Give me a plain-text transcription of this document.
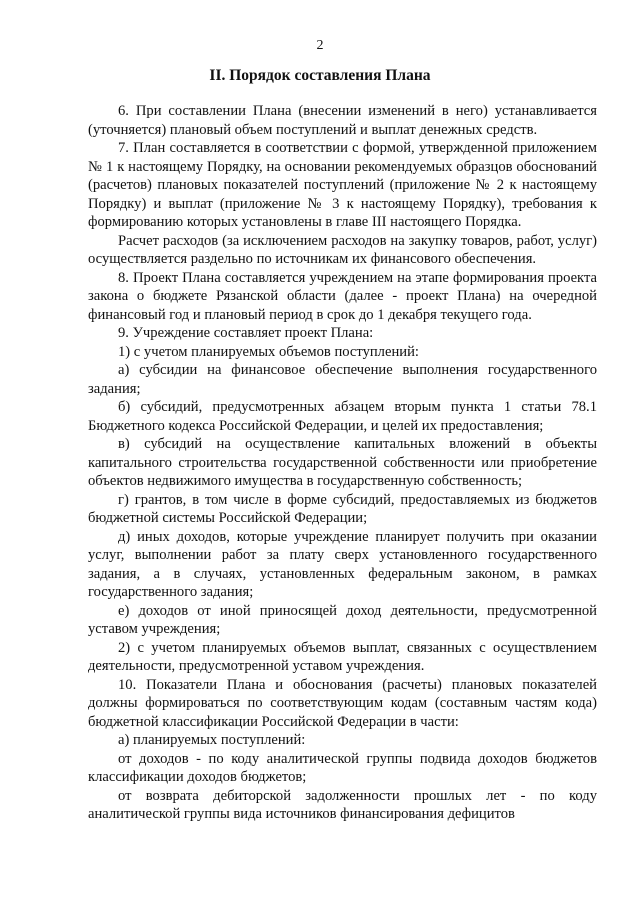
2
II. Порядок составления Плана

6. При составлении Плана (внесении изменений в него) устанавливается (уточняется) плановый объем поступлений и выплат денежных средств.

7. План составляется в соответствии с формой, утвержденной приложением № 1 к настоящему Порядку, на основании рекомендуемых образцов обоснований (расчетов) плановых показателей поступлений (приложение № 2 к настоящему Порядку) и выплат (приложение № 3 к настоящему Порядку), требования к формированию которых установлены в главе III настоящего Порядка.

Расчет расходов (за исключением расходов на закупку товаров, работ, услуг) осуществляется раздельно по источникам их финансового обеспечения.

8. Проект Плана составляется учреждением на этапе формирования проекта закона о бюджете Рязанской области (далее - проект Плана) на очередной финансовый год и плановый период в срок до 1 декабря текущего года.

9. Учреждение составляет проект Плана:

1) с учетом планируемых объемов поступлений:

а) субсидии на финансовое обеспечение выполнения государственного задания;

б) субсидий, предусмотренных абзацем вторым пункта 1 статьи 78.1 Бюджетного кодекса Российской Федерации, и целей их предоставления;

в) субсидий на осуществление капитальных вложений в объекты капитального строительства государственной собственности или приобретение объектов недвижимого имущества в государственную собственность;

г) грантов, в том числе в форме субсидий, предоставляемых из бюджетов бюджетной системы Российской Федерации;

д) иных доходов, которые учреждение планирует получить при оказании услуг, выполнении работ за плату сверх установленного государственного задания, а в случаях, установленных федеральным законом, в рамках государственного задания;

е) доходов от иной приносящей доход деятельности, предусмотренной уставом учреждения;

2) с учетом планируемых объемов выплат, связанных с осуществлением деятельности, предусмотренной уставом учреждения.

10. Показатели Плана и обоснования (расчеты) плановых показателей должны формироваться по соответствующим кодам (составным частям кода) бюджетной классификации Российской Федерации в части:

а) планируемых поступлений:

от доходов - по коду аналитической группы подвида доходов бюджетов классификации доходов бюджетов;

от возврата дебиторской задолженности прошлых лет - по коду аналитической группы вида источников финансирования дефицитов
